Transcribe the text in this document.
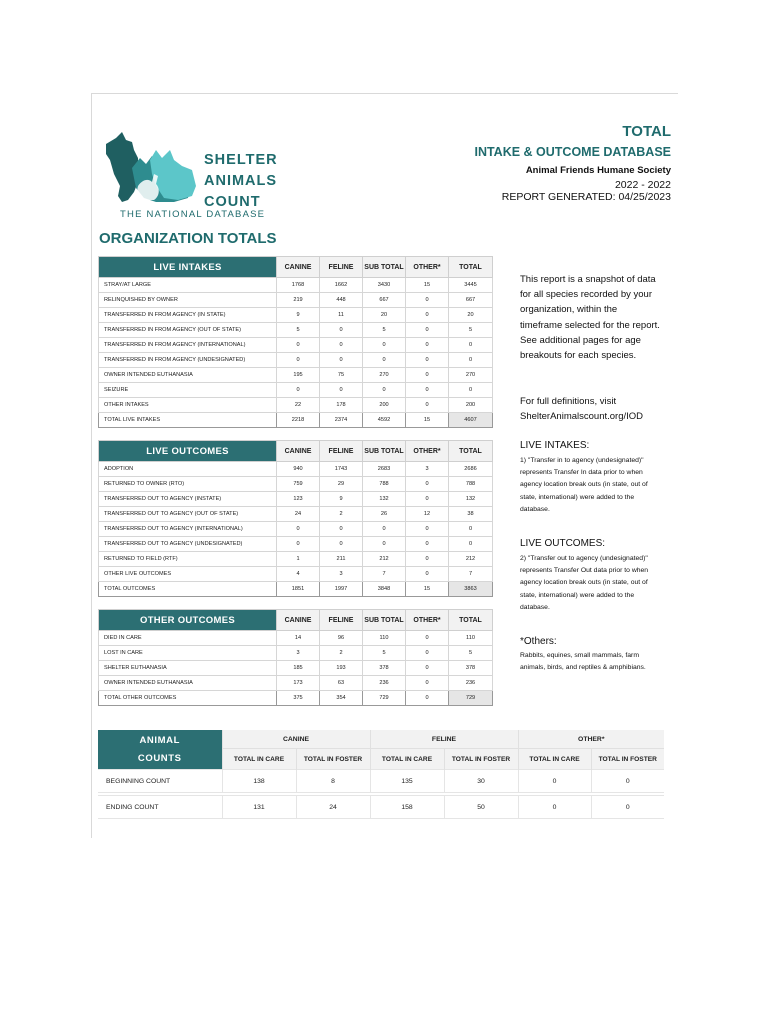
SHELTER
ANIMALS
COUNT
THE NATIONAL DATABASE
TOTAL
INTAKE & OUTCOME DATABASE
Animal Friends Humane Society
2022 - 2022
REPORT GENERATED: 04/25/2023
ORGANIZATION TOTALS
LIVE INTAKES	CANINE	FELINE	SUB TOTAL	OTHER*	TOTAL
STRAY/AT LARGE	1768	1662	3430	15	3445
RELINQUISHED BY OWNER	219	448	667	0	667
TRANSFERRED IN FROM AGENCY (IN STATE)	9	11	20	0	20
TRANSFERRED IN FROM AGENCY (OUT OF STATE)	5	0	5	0	5
TRANSFERRED IN FROM AGENCY (INTERNATIONAL)	0	0	0	0	0
TRANSFERRED IN FROM AGENCY (UNDESIGNATED)	0	0	0	0	0
OWNER INTENDED EUTHANASIA	195	75	270	0	270
SEIZURE	0	0	0	0	0
OTHER INTAKES	22	178	200	0	200
TOTAL LIVE INTAKES	2218	2374	4592	15	4607
LIVE OUTCOMES	CANINE	FELINE	SUB TOTAL	OTHER*	TOTAL
ADOPTION	940	1743	2683	3	2686
RETURNED TO OWNER (RTO)	759	29	788	0	788
TRANSFERRED OUT TO AGENCY (INSTATE)	123	9	132	0	132
TRANSFERRED OUT TO AGENCY (OUT OF STATE)	24	2	26	12	38
TRANSFERRED OUT TO AGENCY (INTERNATIONAL)	0	0	0	0	0
TRANSFERRED OUT TO AGENCY (UNDESIGNATED)	0	0	0	0	0
RETURNED TO FIELD (RTF)	1	211	212	0	212
OTHER LIVE OUTCOMES	4	3	7	0	7
TOTAL OUTCOMES	1851	1997	3848	15	3863
OTHER OUTCOMES	CANINE	FELINE	SUB TOTAL	OTHER*	TOTAL
DIED IN CARE	14	96	110	0	110
LOST IN CARE	3	2	5	0	5
SHELTER EUTHANASIA	185	193	378	0	378
OWNER INTENDED EUTHANASIA	173	63	236	0	236
TOTAL OTHER OUTCOMES	375	354	729	0	729
This report is a snapshot of data for all species recorded by your organization, within the timeframe selected for the report. See additional pages for age breakouts for each species.
For full definitions, visit ShelterAnimalscount.org/IOD
LIVE INTAKES:
1) "Transfer in to agency (undesignated)" represents Transfer In data prior to when agency location break outs (in state, out of state, international) were added to the database.
LIVE OUTCOMES:
2) "Transfer out to agency (undesignated)" represents Transfer Out data prior to when agency location break outs (in state, out of state, international) were added to the database.
*Others:
Rabbits, equines, small mammals, farm animals, birds, and reptiles & amphibians.
ANIMAL
COUNTS	CANINE		FELINE		OTHER*	
	TOTAL IN CARE	TOTAL IN FOSTER	TOTAL IN CARE	TOTAL IN FOSTER	TOTAL IN CARE	TOTAL IN FOSTER
BEGINNING COUNT	138	8	135	30	0	0

ENDING COUNT	131	24	158	50	0	0
